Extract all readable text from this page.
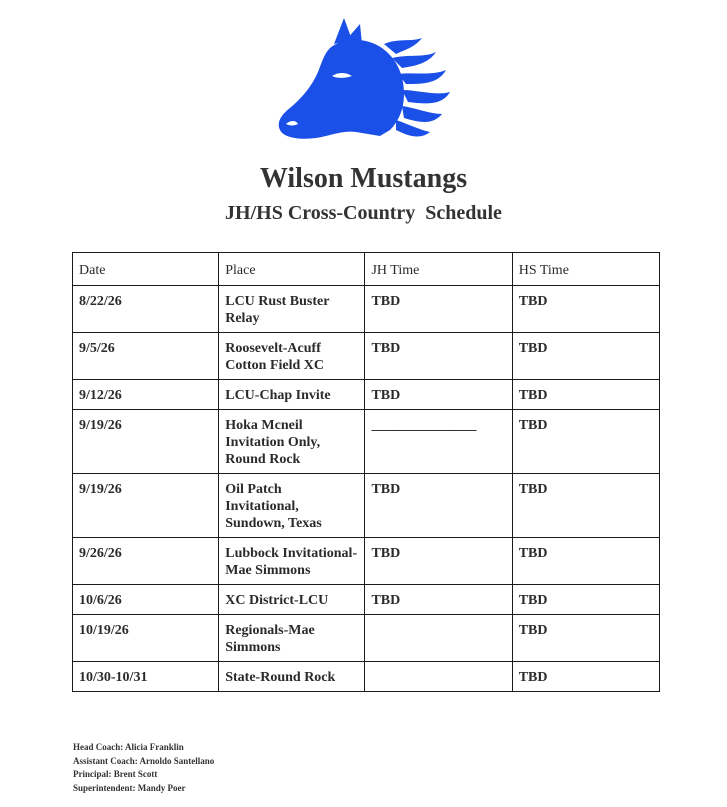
Wilson Mustangs
JH/HS Cross-Country  Schedule
Date	Place	JH Time	HS Time
8/22/26	LCU Rust Buster Relay	TBD	TBD
9/5/26	Roosevelt-Acuff Cotton Field XC	TBD	TBD
9/12/26	LCU-Chap Invite	TBD	TBD
9/19/26	Hoka Mcneil Invitation Only, Round Rock	_______________	TBD
9/19/26	Oil Patch Invitational, Sundown, Texas	TBD	TBD
9/26/26	Lubbock Invitational-Mae Simmons	TBD	TBD
10/6/26	XC District-LCU	TBD	TBD
10/19/26	Regionals-Mae Simmons		TBD
10/30-10/31	State-Round Rock		TBD
Head Coach: Alicia Franklin
Assistant Coach: Arnoldo Santellano
Principal: Brent Scott
Superintendent: Mandy Poer
